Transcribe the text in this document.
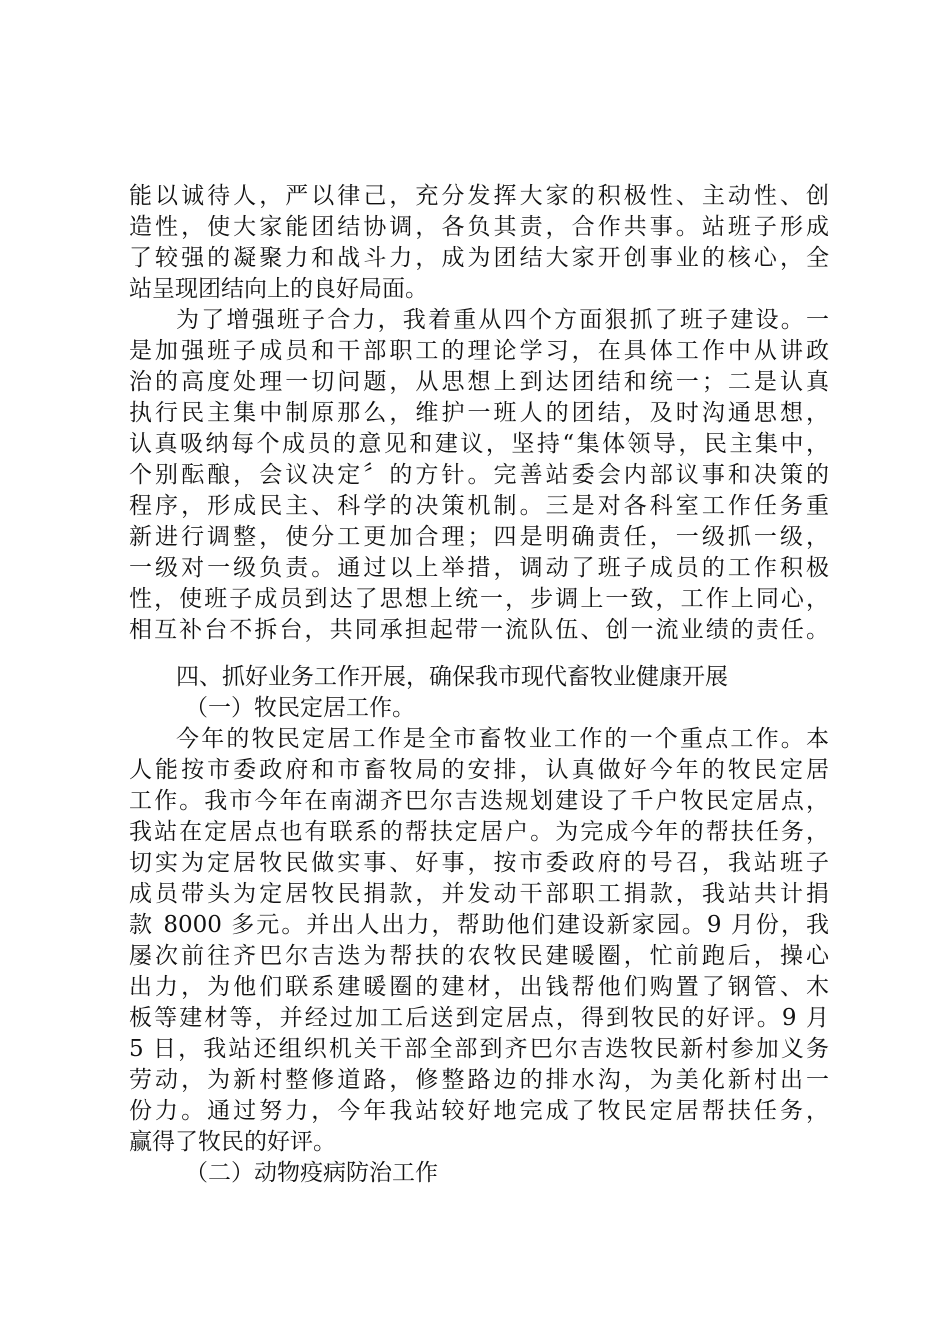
能以诚待人，严以律己，充分发挥大家的积极性、主动性、创
造性，使大家能团结协调，各负其责，合作共事。站班子形成
了较强的凝聚力和战斗力，成为团结大家开创事业的核心，全
站呈现团结向上的良好局面。
为了增强班子合力，我着重从四个方面狠抓了班子建设。一
是加强班子成员和干部职工的理论学习，在具体工作中从讲政
治的高度处理一切问题，从思想上到达团结和统一；二是认真
执行民主集中制原那么，维护一班人的团结，及时沟通思想，
认真吸纳每个成员的意见和建议，坚持“集体领导，民主集中，
个别酝酿，会议决定〞的方针。完善站委会内部议事和决策的
程序，形成民主、科学的决策机制。三是对各科室工作任务重
新进行调整，使分工更加合理；四是明确责任，一级抓一级，
一级对一级负责。通过以上举措，调动了班子成员的工作积极
性，使班子成员到达了思想上统一，步调上一致，工作上同心，
相互补台不拆台，共同承担起带一流队伍、创一流业绩的责任。
四、抓好业务工作开展，确保我市现代畜牧业健康开展
（一）牧民定居工作。
今年的牧民定居工作是全市畜牧业工作的一个重点工作。本
人能按市委政府和市畜牧局的安排，认真做好今年的牧民定居
工作。我市今年在南湖齐巴尔吉迭规划建设了千户牧民定居点，
我站在定居点也有联系的帮扶定居户。为完成今年的帮扶任务，
切实为定居牧民做实事、好事，按市委政府的号召，我站班子
成员带头为定居牧民捐款，并发动干部职工捐款，我站共计捐
款 8000 多元。并出人出力，帮助他们建设新家园。9 月份，我
屡次前往齐巴尔吉迭为帮扶的农牧民建暖圈，忙前跑后，操心
出力，为他们联系建暖圈的建材，出钱帮他们购置了钢管、木
板等建材等，并经过加工后送到定居点，得到牧民的好评。9 月
5 日，我站还组织机关干部全部到齐巴尔吉迭牧民新村参加义务
劳动，为新村整修道路，修整路边的排水沟，为美化新村出一
份力。通过努力，今年我站较好地完成了牧民定居帮扶任务，
赢得了牧民的好评。
（二）动物疫病防治工作
